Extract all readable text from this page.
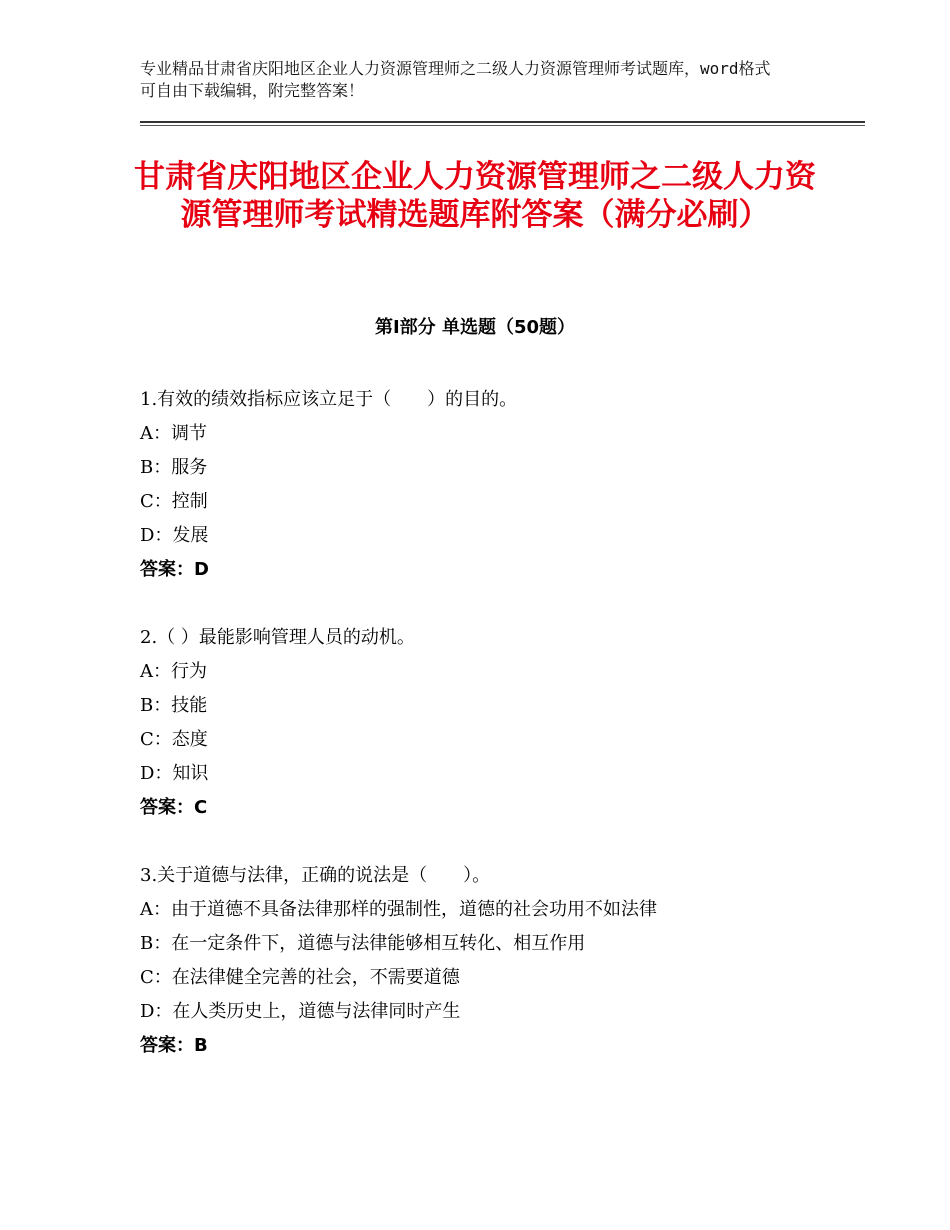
专业精品甘肃省庆阳地区企业人力资源管理师之二级人力资源管理师考试题库，word格式可自由下载编辑，附完整答案！
甘肃省庆阳地区企业人力资源管理师之二级人力资源管理师考试精选题库附答案（满分必刷）
第Ⅰ部分 单选题（50题）
1.有效的绩效指标应该立足于（　　）的目的。
A：调节
B：服务
C：控制
D：发展
答案：D
2.（ ）最能影响管理人员的动机。
A：行为
B：技能
C：态度
D：知识
答案：C
3.关于道德与法律，正确的说法是（　　）。
A：由于道德不具备法律那样的强制性，道德的社会功用不如法律
B：在一定条件下，道德与法律能够相互转化、相互作用
C：在法律健全完善的社会，不需要道德
D：在人类历史上，道德与法律同时产生
答案：B
